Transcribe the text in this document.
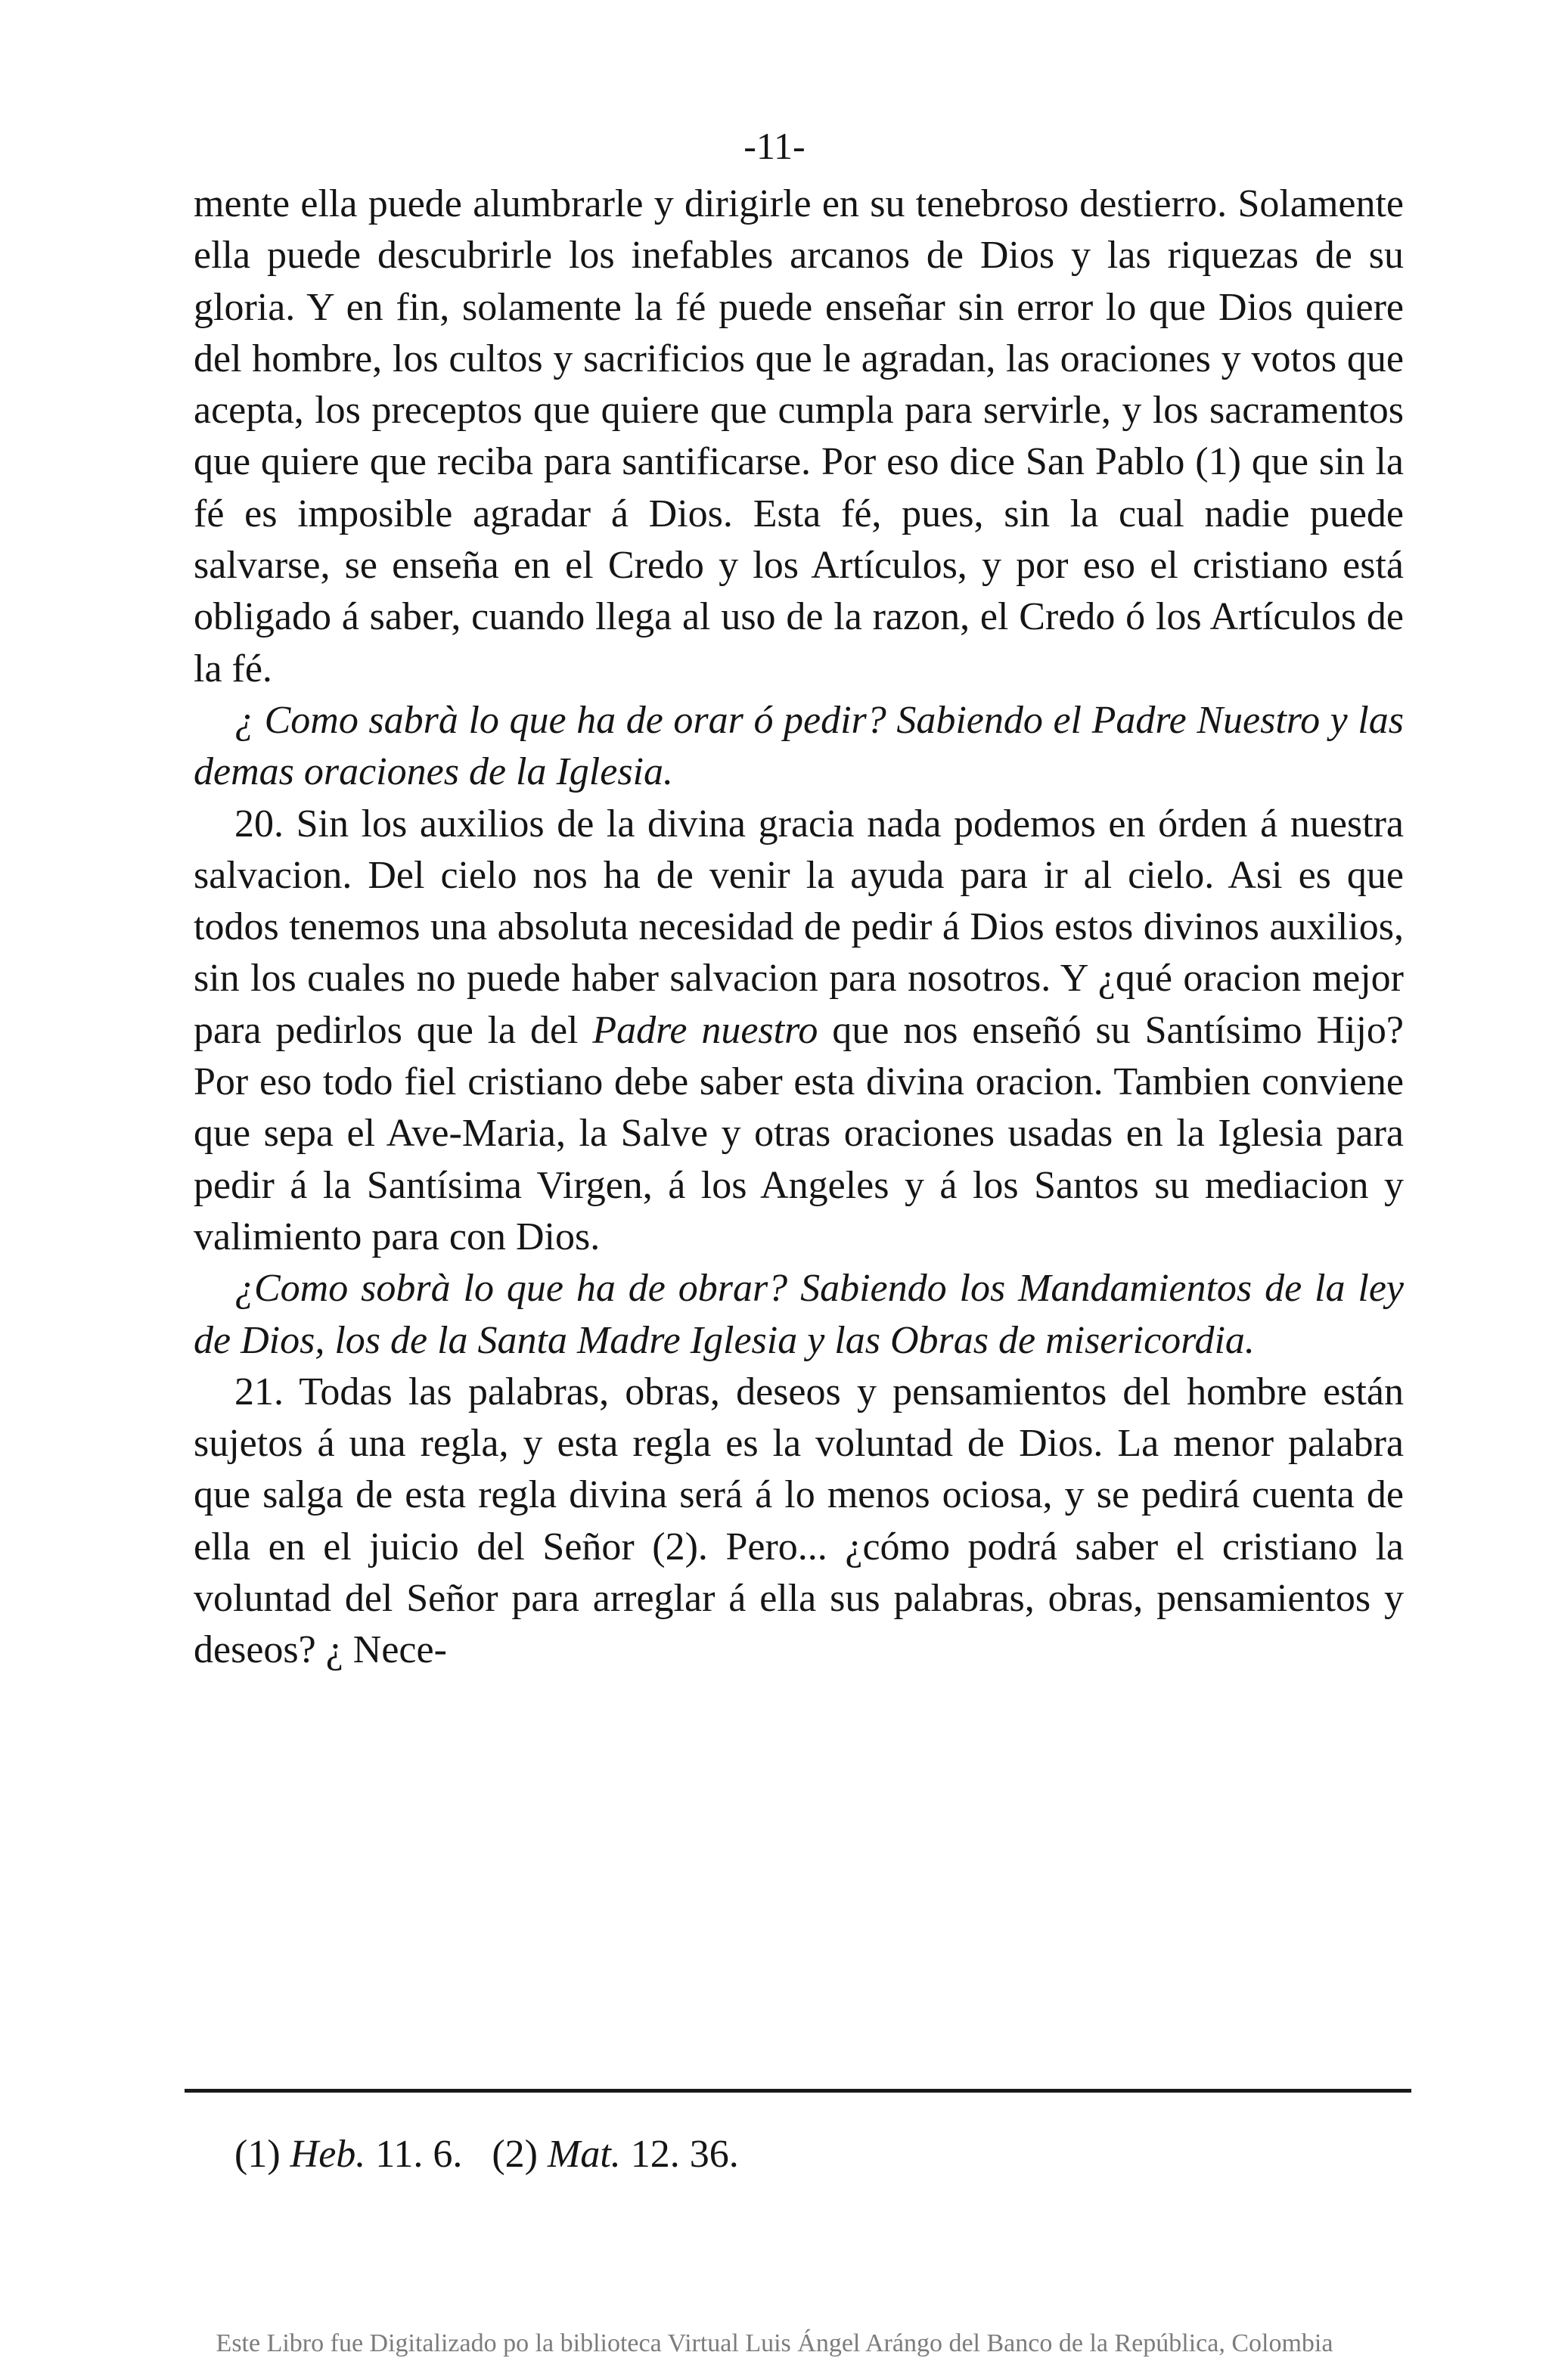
-11-

mente ella puede alumbrarle y dirigirle en su tenebroso destierro. Solamente ella puede descubrirle los inefables arcanos de Dios y las riquezas de su gloria. Y en fin, solamente la fé puede enseñar sin error lo que Dios quiere del hombre, los cultos y sacrificios que le agradan, las oraciones y votos que acepta, los preceptos que quiere que cumpla para servirle, y los sacramentos que quiere que reciba para santificarse. Por eso dice San Pablo (1) que sin la fé es imposible agradar á Dios. Esta fé, pues, sin la cual nadie puede salvarse, se enseña en el Credo y los Artículos, y por eso el cristiano está obligado á saber, cuando llega al uso de la razon, el Credo ó los Artículos de la fé.

¿ Como sabrà lo que ha de orar ó pedir? Sabiendo el Padre Nuestro y las demas oraciones de la Iglesia.

20. Sin los auxilios de la divina gracia nada podemos en órden á nuestra salvacion. Del cielo nos ha de venir la ayuda para ir al cielo. Asi es que todos tenemos una absoluta necesidad de pedir á Dios estos divinos auxilios, sin los cuales no puede haber salvacion para nosotros. Y ¿qué oracion mejor para pedirlos que la del Padre nuestro que nos enseñó su Santísimo Hijo? Por eso todo fiel cristiano debe saber esta divina oracion. Tambien conviene que sepa el Ave-Maria, la Salve y otras oraciones usadas en la Iglesia para pedir á la Santísima Virgen, á los Angeles y á los Santos su mediacion y valimiento para con Dios.

¿Como sobrà lo que ha de obrar? Sabiendo los Mandamientos de la ley de Dios, los de la Santa Madre Iglesia y las Obras de misericordia.

21. Todas las palabras, obras, deseos y pensamientos del hombre están sujetos á una regla, y esta regla es la voluntad de Dios. La menor palabra que salga de esta regla divina será á lo menos ociosa, y se pedirá cuenta de ella en el juicio del Señor (2). Pero... ¿cómo podrá saber el cristiano la voluntad del Señor para arreglar á ella sus palabras, obras, pensamientos y deseos? ¿ Nece-

(1) Heb. 11. 6. (2) Mat. 12. 36.
Este Libro fue Digitalizado po la biblioteca Virtual Luis Ángel Arángo del Banco de la República, Colombia
